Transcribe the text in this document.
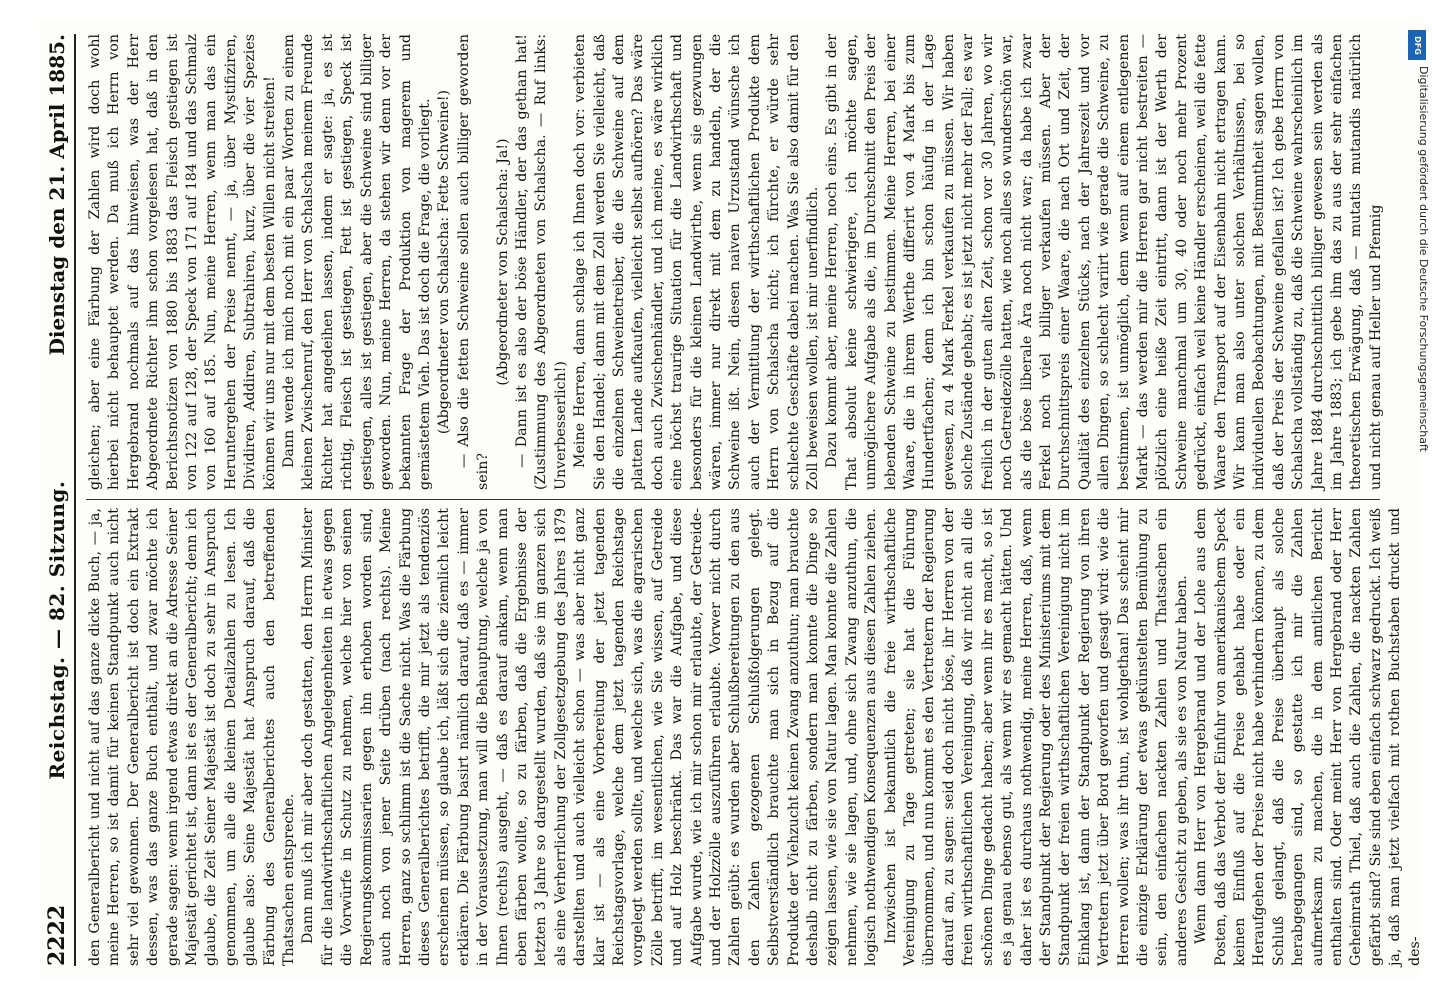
2222
Reichstag. — 82. Sitzung.
Dienstag den 21. April 1885.

den Generalbericht und nicht auf das ganze dicke Buch, — ja, meine Herren, so ist damit für keinen Standpunkt auch nicht sehr viel gewonnen. Der Generalbericht ist doch ein Extrakt dessen, was das ganze Buch enthält, und zwar möchte ich gerade sagen: wenn irgend etwas direkt an die Adresse Seiner Majestät gerichtet ist, dann ist es der Generalbericht; denn ich glaube, die Zeit Seiner Majestät ist doch zu sehr in Anspruch genommen, um alle die kleinen Detailzahlen zu lesen. Ich glaube also: Seine Majestät hat Anspruch darauf, daß die Färbung des Generalberichtes auch den betreffenden Thatsachen entspreche. Dann muß ich mir aber doch gestatten, den Herrn Minister für die landwirthschaftlichen Angelegenheiten in etwas gegen die Vorwürfe in Schutz zu nehmen, welche hier von seinen Regierungskommissarien gegen ihn erhoben worden sind, auch noch von jener Seite drüben (nach rechts). Meine Herren, ganz so schlimm ist die Sache nicht. Was die Färbung dieses Generalberichtes betrifft, die mir jetzt als tendenziös erscheinen müssen, so glaube ich, läßt sich die ziemlich leicht erklären. Die Färbung basirt nämlich darauf, daß es — immer in der Voraussetzung, man will die Behauptung, welche ja von Ihnen (rechts) ausgeht, — daß es darauf ankam, wenn man eben färben wollte, so zu färben, daß die Ergebnisse der letzten 3 Jahre so dargestellt wurden, daß sie im ganzen sich als eine Verherrlichung der Zollgesetzgebung des Jahres 1879 darstellten und auch vielleicht schon — was aber nicht ganz klar ist — als eine Vorbereitung der jetzt tagenden Reichstagsvorlage, welche dem jetzt tagenden Reichstage vorgelegt werden sollte, und welche sich, was die agrarischen Zölle betrifft, im wesentlichen, wie Sie wissen, auf Getreide und auf Holz beschränkt. Das war die Aufgabe, und diese Aufgabe wurde, wie ich mir schon mir erlaubte, der Getreide- und der Holzzölle auszuführen erlaubte. Vorwer nicht durch Zahlen geübt: es wurden aber Schlußbereitungen zu den aus den Zahlen gezogenen Schlußfolgerungen gelegt. Selbstverständlich brauchte man sich in Bezug auf die Produkte der Viehzucht keinen Zwang anzuthun; man brauchte deshalb nicht zu färben, sondern man konnte die Dinge so zeigen lassen, wie sie von Natur lagen. Man konnte die Zahlen nehmen, wie sie lagen, und, ohne sich Zwang anzuthun, die logisch nothwendigen Konsequenzen aus diesen Zahlen ziehen. Inzwischen ist bekanntlich die freie wirthschaftliche Vereinigung zu Tage getreten; sie hat die Führung übernommen, und nun kommt es den Vertretern der Regierung darauf an, zu sagen: seid doch nicht böse, ihr Herren von der freien wirthschaftlichen Vereinigung, daß wir nicht an all die schönen Dinge gedacht haben; aber wenn ihr es macht, so ist es ja genau ebenso gut, als wenn wir es gemacht hätten. Und daher ist es durchaus nothwendig, meine Herren, daß, wenn der Standpunkt der Regierung oder des Ministeriums mit dem Standpunkt der freien wirthschaftlichen Vereinigung nicht im Einklang ist, dann der Standpunkt der Regierung von ihren Vertretern jetzt über Bord geworfen und gesagt wird: wie die Herren wollen; was ihr thun, ist wohlgethan! Das scheint mir die einzige Erklärung der etwas gekünstelten Bemühung zu sein, den einfachen nackten Zahlen und Thatsachen ein anderes Gesicht zu geben, als sie es von Natur haben. Wenn dann Herr von Hergebrand und der Lohe aus dem Posten, daß das Verbot der Einfuhr von amerikanischem Speck keinen Einfluß auf die Preise gehabt habe oder ein Heraufgehen der Preise nicht habe verhindern können, zu dem Schluß gelangt, daß die Preise überhaupt als solche herabgegangen sind, so gestatte ich mir die Zahlen aufmerksam zu machen, die in dem amtlichen Bericht enthalten sind. Oder meint Herr von Hergebrand oder Herr Geheimrath Thiel, daß auch die Zahlen, die nackten Zahlen gefärbt sind? Sie sind eben einfach schwarz gedruckt. Ich weiß ja, daß man jetzt vielfach mit rothen Buchstaben druckt und des-

gleichen; aber eine Färbung der Zahlen wird doch wohl hierbei nicht behauptet werden. Da muß ich Herrn von Hergebrand nochmals auf das hinweisen, was der Herr Abgeordnete Richter ihm schon vorgelesen hat, daß in den Berichtsnotizen von 1880 bis 1883 das Fleisch gestiegen ist von 122 auf 128, der Speck von 171 auf 184 und das Schmalz von 160 auf 185. Nun, meine Herren, wenn man das ein Heruntergehen der Preise nennt, — ja, über Mystifiziren, Dividiren, Addiren, Subtrahiren, kurz, über die vier Spezies können wir uns nur mit dem besten Willen nicht streiten! Dann wende ich mich noch mit ein paar Worten zu einem kleinen Zwischenruf, den Herr von Schalscha meinem Freunde Richter hat angedeihen lassen, indem er sagte: ja, es ist richtig, Fleisch ist gestiegen, Fett ist gestiegen, Speck ist gestiegen, alles ist gestiegen, aber die Schweine sind billiger geworden. Nun, meine Herren, da stehen wir denn vor der bekannten Frage der Produktion von magerem und gemästetem Vieh. Das ist doch die Frage, die vorliegt. (Abgeordneter von Schalscha: Fette Schweine!) — Also die fetten Schweine sollen auch billiger geworden sein?

(Abgeordneter von Schalscha: Ja!) — Dann ist es also der böse Händler, der das gethan hat! (Zustimmung des Abgeordneten von Schalscha. — Ruf links: Unverbesserlich!) Meine Herren, dann schlage ich Ihnen doch vor: verbieten Sie den Handel; dann mit dem Zoll werden Sie vielleicht, daß die einzelnen Schweinetreiber, die die Schweine auf dem platten Lande aufkaufen, vielleicht selbst aufhören? Das wäre doch auch Zwischenhändler, und ich meine, es wäre wirklich eine höchst traurige Situation für die Landwirthschaft und besonders für die kleinen Landwirthe, wenn sie gezwungen wären, immer nur direkt mit dem zu handeln, der die Schweine ißt. Nein, diesen naiven Urzustand wünsche ich auch der Vermittlung der wirthschaftlichen Produkte dem Herrn von Schalscha nicht; ich fürchte, er würde sehr schlechte Geschäfte dabei machen. Was Sie also damit für den Zoll beweisen wollen, ist mir unerfindlich. Dazu kommt aber, meine Herren, noch eins. Es gibt in der That absolut keine schwierigere, ich möchte sagen, unmöglichere Aufgabe als die, im Durchschnitt den Preis der lebenden Schweine zu bestimmen. Meine Herren, bei einer Waare, die in ihrem Werthe differirt von 4 Mark bis zum Hundertfachen; denn ich bin schon häufig in der Lage gewesen, zu 4 Mark Ferkel verkaufen zu müssen. Wir haben solche Zustände gehabt; es ist jetzt nicht mehr der Fall; es war freilich in der guten alten Zeit, schon vor 30 Jahren, wo wir noch Getreidezölle hatten, wie noch alles so wunderschön war, als die böse liberale Ära noch nicht war; da habe ich zwar Ferkel noch viel billiger verkaufen müssen. Aber der Durchschnittspreis einer Waare, die nach Ort und Zeit, der Qualität des einzelnen Stücks, nach der Jahreszeit und vor allen Dingen, so schlecht variirt wie gerade die Schweine, zu bestimmen, ist unmöglich, denn wenn auf einem entlegenen Markt — das werden mir die Herren gar nicht bestreiten — plötzlich eine heiße Zeit eintritt, dann ist der Werth der Schweine manchmal um 30, 40 oder noch mehr Prozent gedrückt, einfach weil keine Händler erscheinen, weil die fette Waare den Transport auf der Eisenbahn nicht ertragen kann. Wir kann man also unter solchen Verhältnissen, bei so individuellen Beobachtungen, mit Bestimmtheit sagen wollen, daß der Preis der Schweine gefallen ist? Ich gebe Herrn von Schalscha vollständig zu, daß die Schweine wahrscheinlich im Jahre 1884 durchschnittlich billiger gewesen sein werden als im Jahre 1883; ich gebe ihm das zu aus der sehr einfachen theoretischen Erwägung, daß — mutatis mutandis natürlich und nicht genau auf Heller und Pfennig

DFG
Digitalisierung gefördert durch die Deutsche Forschungsgemeinschaft
